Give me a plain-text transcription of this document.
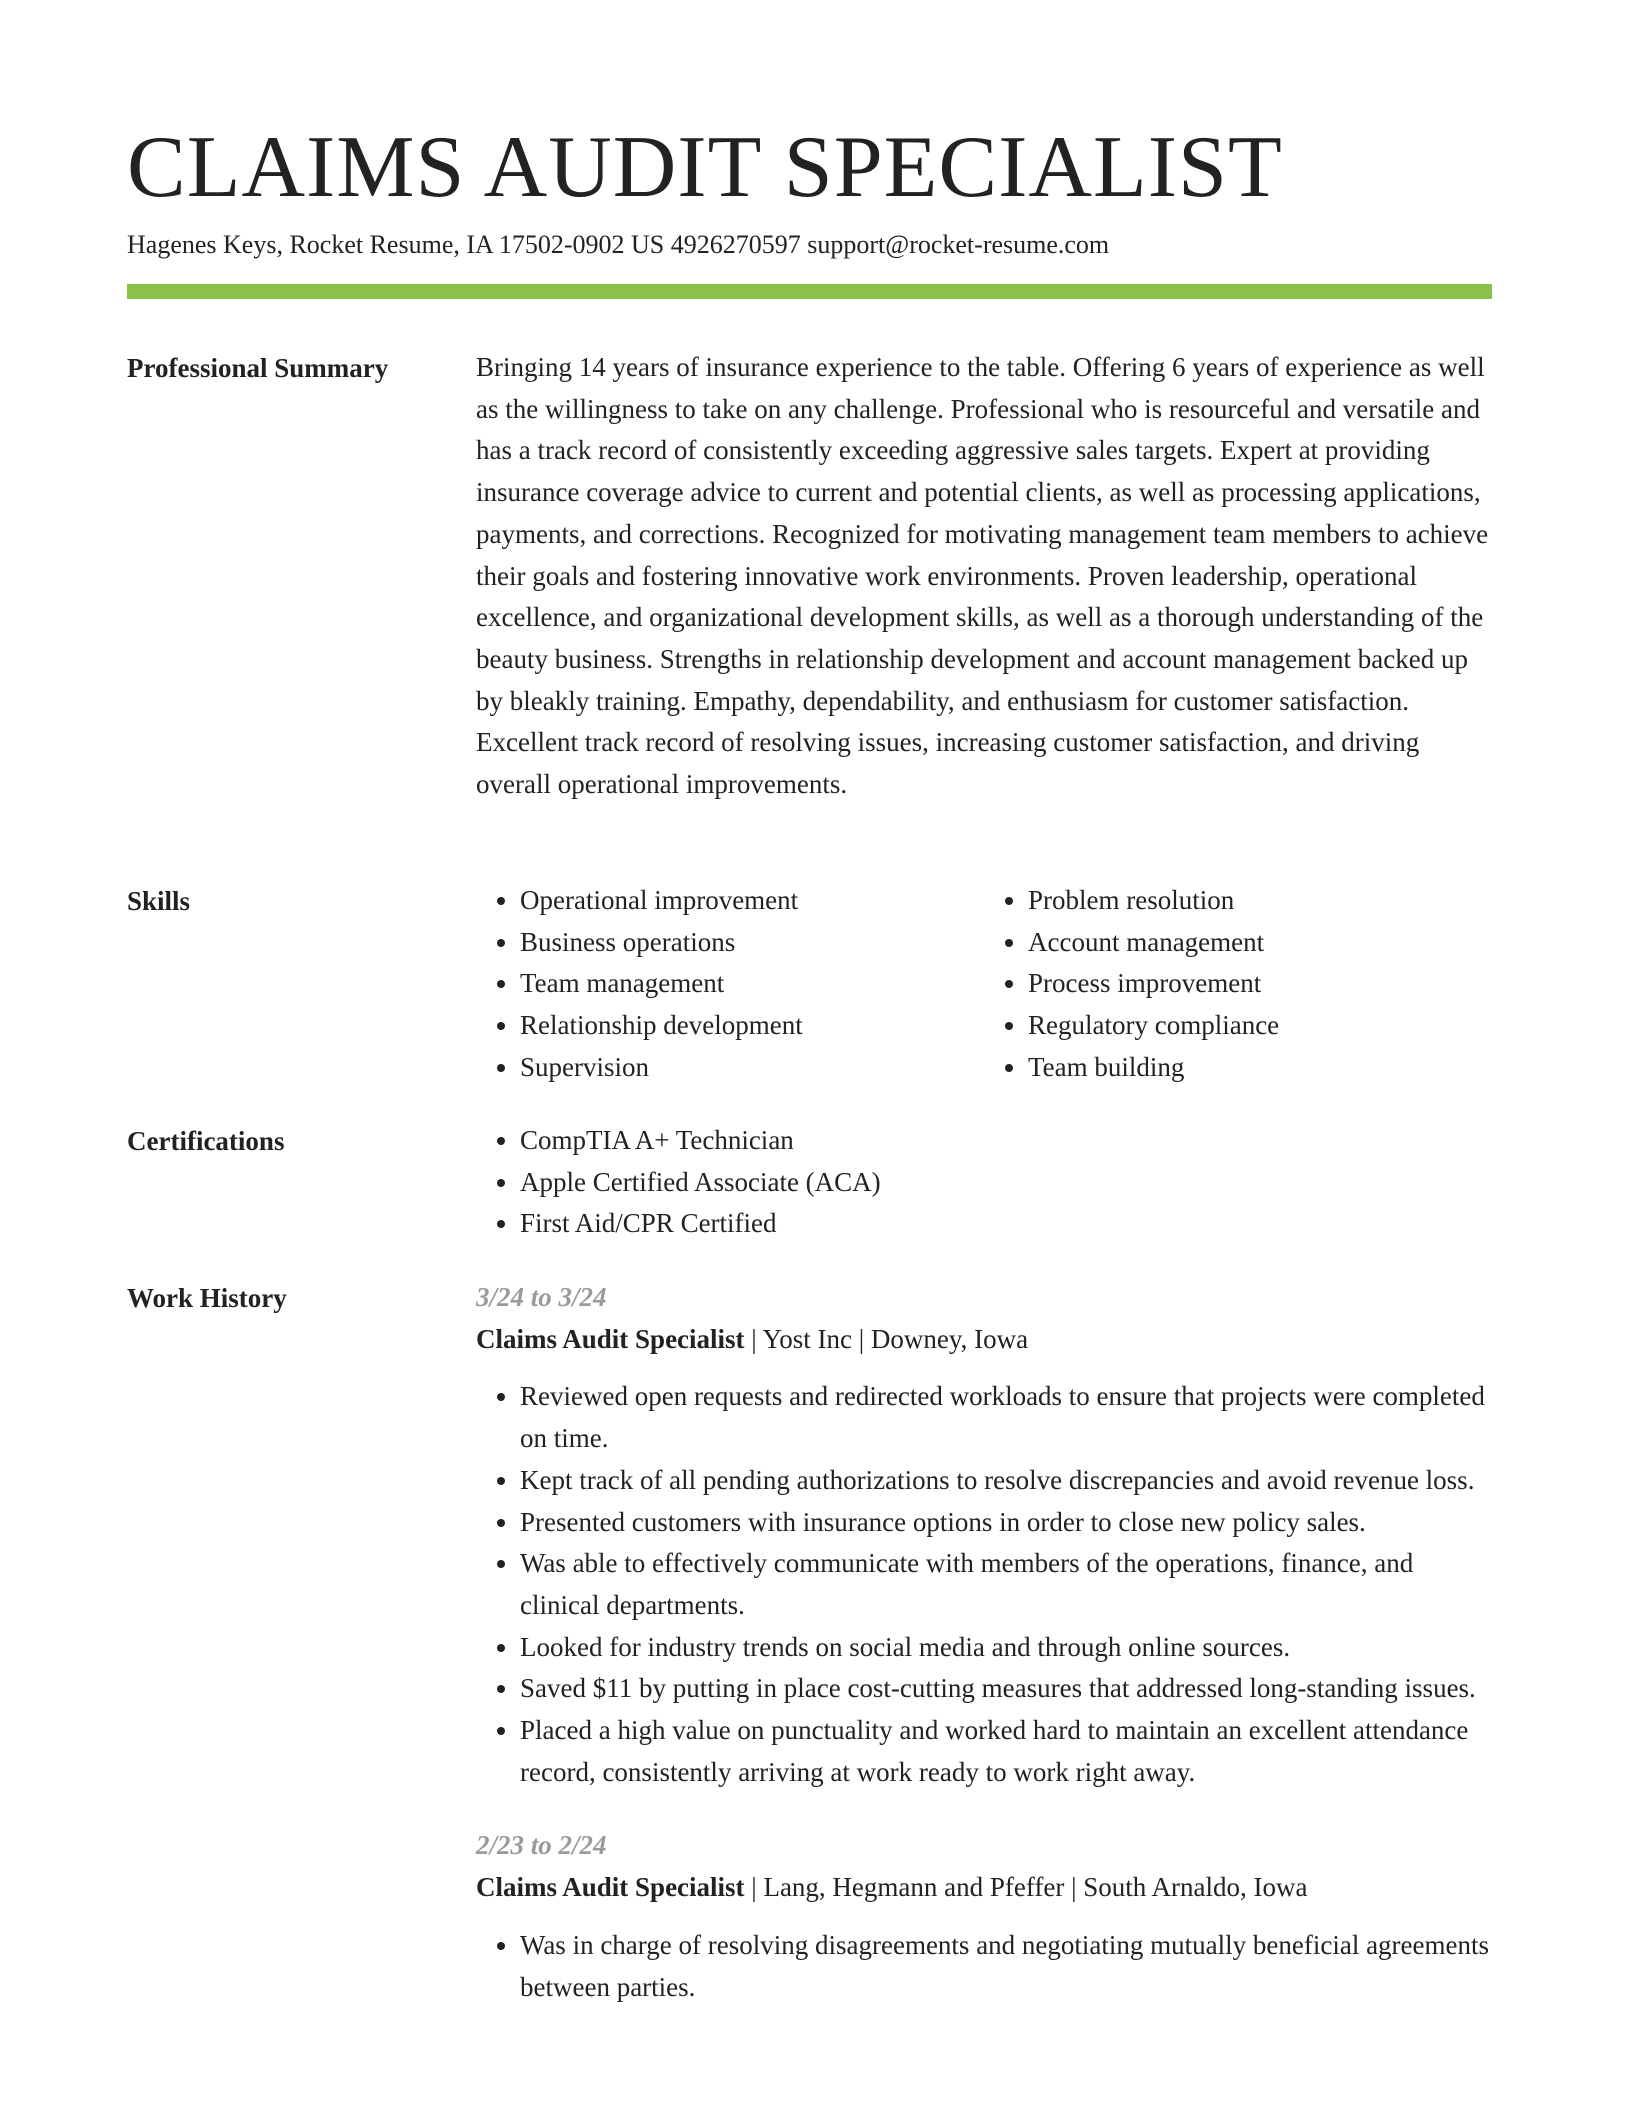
CLAIMS AUDIT SPECIALIST
Hagenes Keys, Rocket Resume, IA 17502-0902 US 4926270597 support@rocket-resume.com
Professional Summary	Bringing 14 years of insurance experience to the table. Offering 6 years of experience as well as the willingness to take on any challenge. Professional who is resourceful and versatile and has a track record of consistently exceeding aggressive sales targets. Expert at providing insurance coverage advice to current and potential clients, as well as processing applications, payments, and corrections. Recognized for motivating management team members to achieve their goals and fostering innovative work environments. Proven leadership, operational excellence, and organizational development skills, as well as a thorough understanding of the beauty business. Strengths in relationship development and account management backed up by bleakly training. Empathy, dependability, and enthusiasm for customer satisfaction. Excellent track record of resolving issues, increasing customer satisfaction, and driving overall operational improvements.

Skills	• Operational improvement
• Business operations
• Team management
• Relationship development
• Supervision
• Problem resolution
• Account management
• Process improvement
• Regulatory compliance
• Team building
Certifications	• CompTIA A+ Technician
• Apple Certified Associate (ACA)
• First Aid/CPR Certified
Work History	3/24 to 3/24
Claims Audit Specialist | Yost Inc | Downey, Iowa
• Reviewed open requests and redirected workloads to ensure that projects were completed on time.
• Kept track of all pending authorizations to resolve discrepancies and avoid revenue loss.
• Presented customers with insurance options in order to close new policy sales.
• Was able to effectively communicate with members of the operations, finance, and clinical departments.
• Looked for industry trends on social media and through online sources.
• Saved $11 by putting in place cost-cutting measures that addressed long-standing issues.
• Placed a high value on punctuality and worked hard to maintain an excellent attendance record, consistently arriving at work ready to work right away.
2/23 to 2/24
Claims Audit Specialist | Lang, Hegmann and Pfeffer | South Arnaldo, Iowa
• Was in charge of resolving disagreements and negotiating mutually beneficial agreements between parties.
